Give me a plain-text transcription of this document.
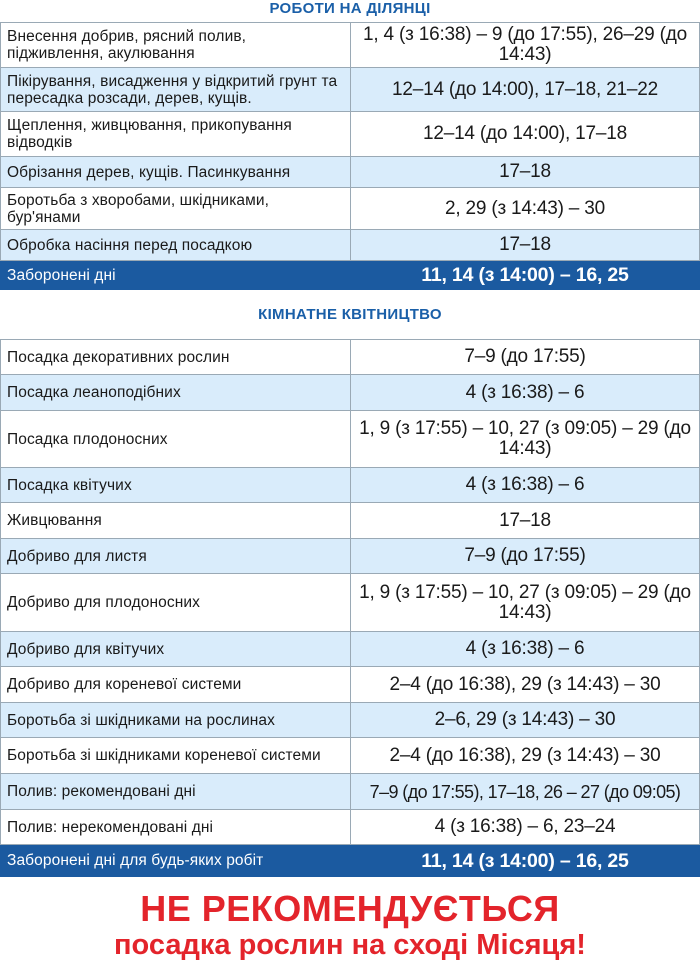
РОБОТИ НА ДІЛЯНЦІ
Внесення добрив, рясний полив, підживлення, акулювання	1, 4 (з 16:38) – 9 (до 17:55), 26–29 (до 14:43)
Пікірування, висадження у відкритий грунт та пересадка розсади, дерев, кущів.	12–14 (до 14:00), 17–18, 21–22
Щеплення, живцювання, прикопування відводків	12–14 (до 14:00), 17–18
Обрізання дерев, кущів. Пасинкування	17–18
Боротьба з хворобами, шкідниками, бур'янами	2, 29 (з 14:43) – 30
Обробка насіння перед посадкою	17–18
Заборонені дні	11, 14 (з 14:00) – 16, 25
КІМНАТНЕ КВІТНИЦТВО
Посадка декоративних рослин	7–9 (до 17:55)
Посадка леаноподібних	4 (з 16:38) – 6
Посадка плодоносних	1, 9 (з 17:55) – 10, 27 (з 09:05) – 29 (до 14:43)
Посадка квітучих	4 (з 16:38) – 6
Живцювання	17–18
Добриво для листя	7–9 (до 17:55)
Добриво для плодоносних	1, 9 (з 17:55) – 10, 27 (з 09:05) – 29 (до 14:43)
Добриво для квітучих	4 (з 16:38) – 6
Добриво для кореневої системи	2–4 (до 16:38), 29 (з 14:43) – 30
Боротьба зі шкідниками на рослинах	2–6, 29 (з 14:43) – 30
Боротьба зі шкідниками кореневої системи	2–4 (до 16:38), 29 (з 14:43) – 30
Полив: рекомендовані дні	7–9 (до 17:55), 17–18, 26 – 27 (до 09:05)
Полив: нерекомендовані дні	4 (з 16:38) – 6, 23–24
Заборонені дні для будь-яких робіт	11, 14 (з 14:00) – 16, 25
НЕ РЕКОМЕНДУЄТЬСЯ
посадка рослин на сході Місяця!
